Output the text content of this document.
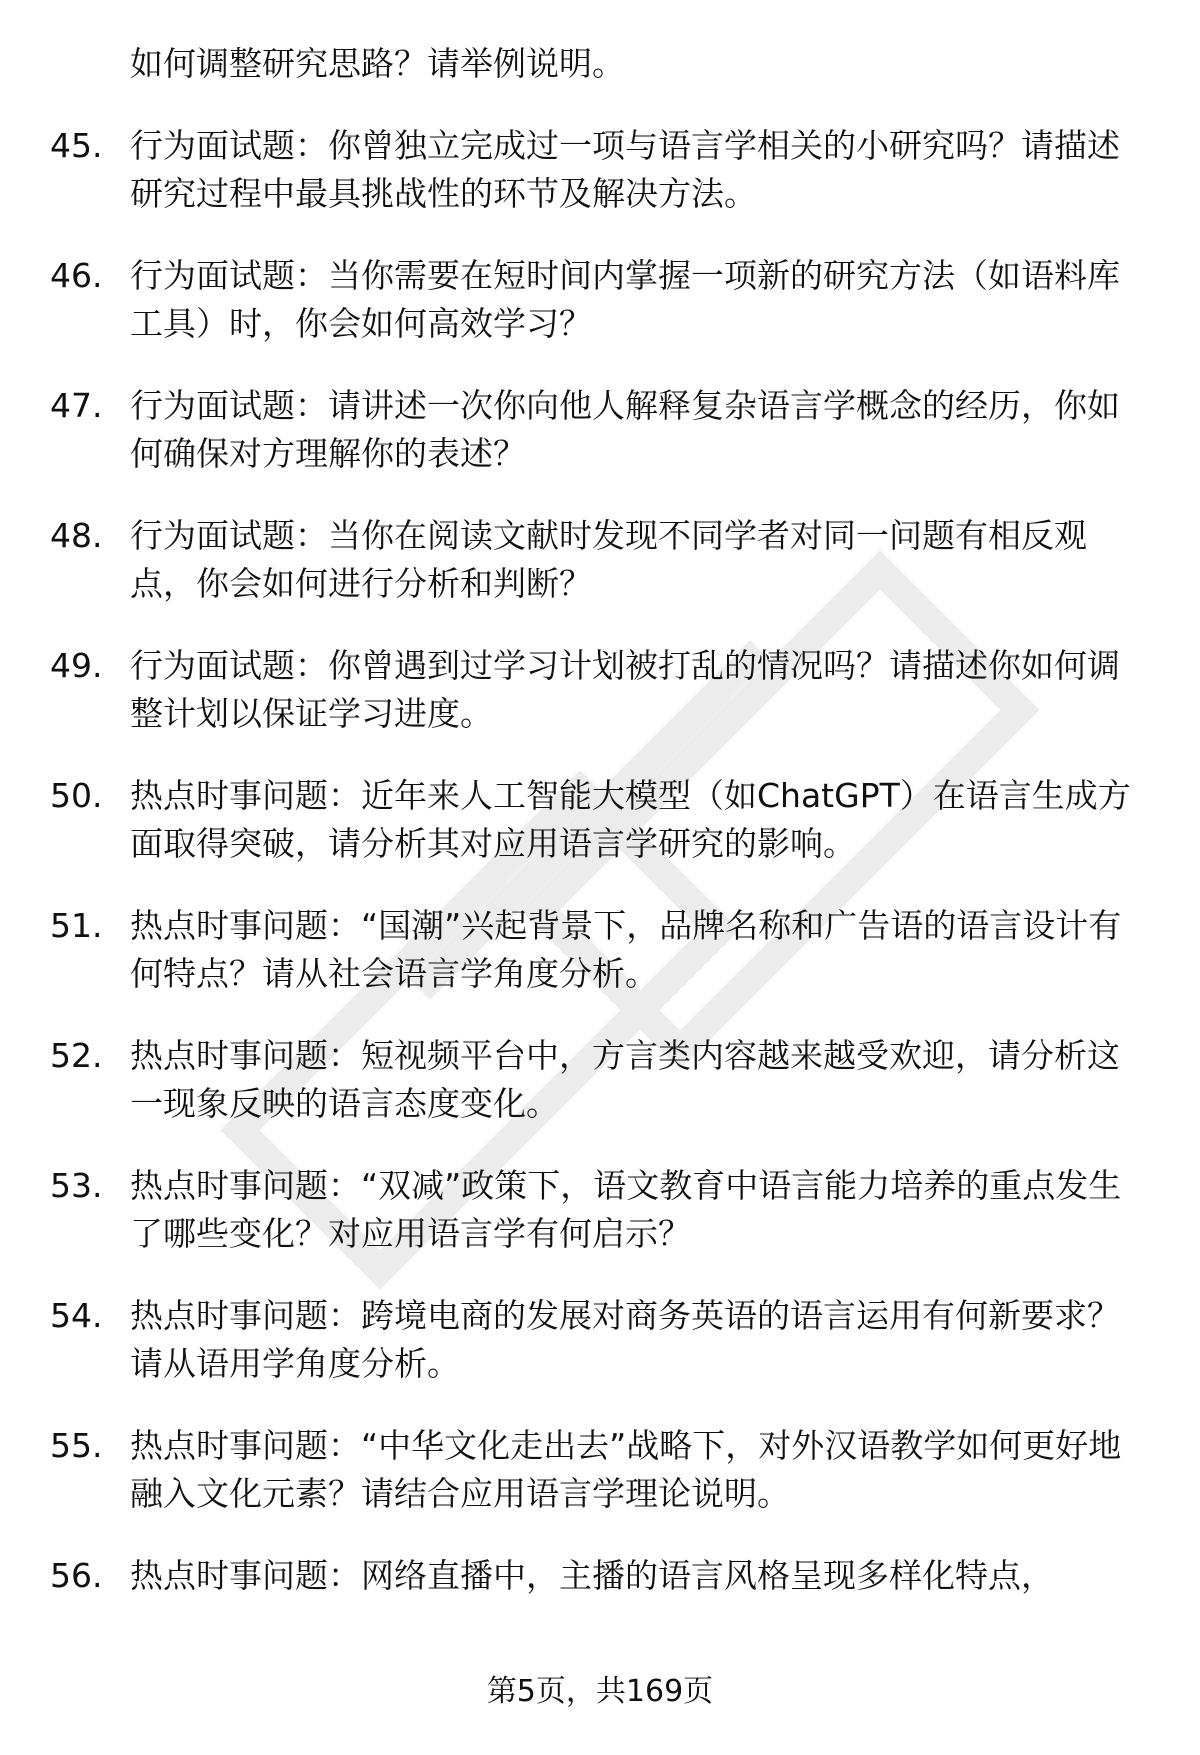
如何调整研究思路？请举例说明。
45. 行为面试题：你曾独立完成过一项与语言学相关的小研究吗？请描述研究过程中最具挑战性的环节及解决方法。
46. 行为面试题：当你需要在短时间内掌握一项新的研究方法（如语料库工具）时，你会如何高效学习？
47. 行为面试题：请讲述一次你向他人解释复杂语言学概念的经历，你如何确保对方理解你的表述？
48. 行为面试题：当你在阅读文献时发现不同学者对同一问题有相反观点，你会如何进行分析和判断？
49. 行为面试题：你曾遇到过学习计划被打乱的情况吗？请描述你如何调整计划以保证学习进度。
50. 热点时事问题：近年来人工智能大模型（如ChatGPT）在语言生成方面取得突破，请分析其对应用语言学研究的影响。
51. 热点时事问题：“国潮”兴起背景下，品牌名称和广告语的语言设计有何特点？请从社会语言学角度分析。
52. 热点时事问题：短视频平台中，方言类内容越来越受欢迎，请分析这一现象反映的语言态度变化。
53. 热点时事问题：“双减”政策下，语文教育中语言能力培养的重点发生了哪些变化？对应用语言学有何启示？
54. 热点时事问题：跨境电商的发展对商务英语的语言运用有何新要求？请从语用学角度分析。
55. 热点时事问题：“中华文化走出去”战略下，对外汉语教学如何更好地融入文化元素？请结合应用语言学理论说明。
56. 热点时事问题：网络直播中，主播的语言风格呈现多样化特点，
第5页，共169页
